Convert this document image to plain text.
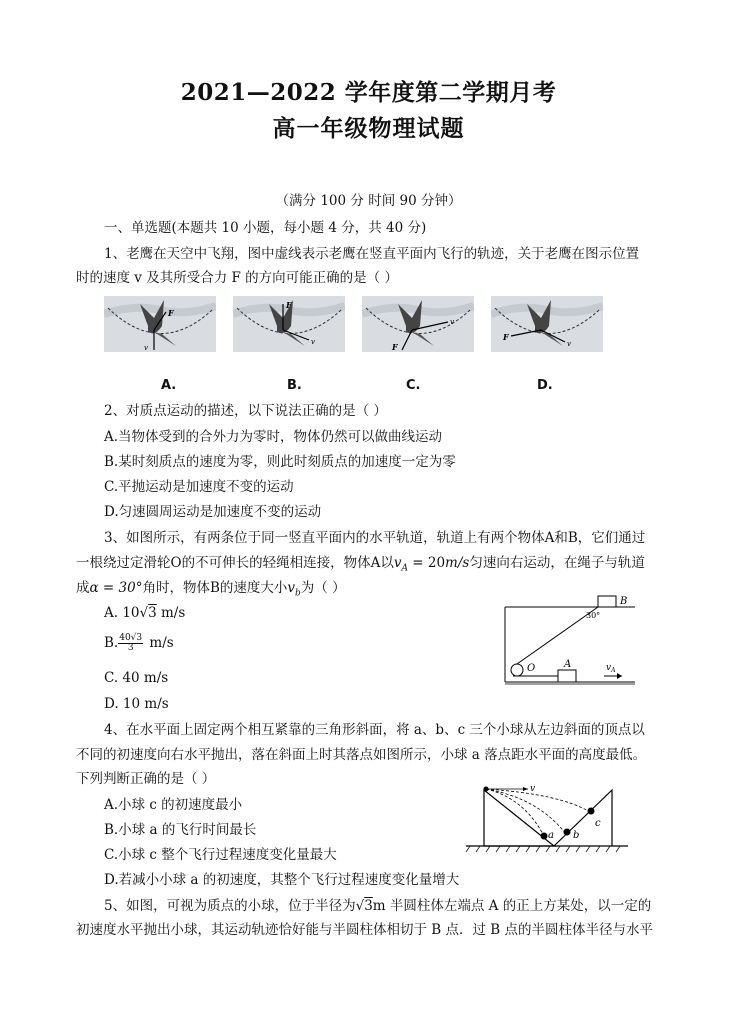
2021—2022 学年度第二学期月考
高一年级物理试题
（满分 100 分 时间 90 分钟）
一、单选题(本题共 10 小题，每小题 4 分，共 40 分)
1、老鹰在天空中飞翔，图中虚线表示老鹰在竖直平面内飞行的轨迹，关于老鹰在图示位置
时的速度 v 及其所受合力 F 的方向可能正确的是（ ）
F
v
F
v
v
F
F
v
A.	B.	C.	D.
2、对质点运动的描述，以下说法正确的是（ ）
A.当物体受到的合外力为零时，物体仍然可以做曲线运动
B.某时刻质点的速度为零，则此时刻质点的加速度一定为零
C.平抛运动是加速度不变的运动
D.匀速圆周运动是加速度不变的运动
3、如图所示，有两条位于同一竖直平面内的水平轨道，轨道上有两个物体A和B，它们通过
一根绕过定滑轮O的不可伸长的轻绳相连接，物体A以$v_A = 20m/s$匀速向右运动，在绳子与轨道
成α = 30°角时，物体B的速度大小$v_b$为（ ）
A. 10√3 m/s
B. $\frac{40√3}{3} m/s$
C. 40 m/s
D. 10 m/s
B
O
30°
A	$v_A$
4、在水平面上固定两个相互紧靠的三角形斜面，将 a、b、c 三个小球从左边斜面的顶点以
不同的初速度向右水平抛出，落在斜面上时其落点如图所示，小球 a 落点距水平面的高度最低。
下列判断正确的是（ ）
A.小球 c 的初速度最小
B.小球 a 的飞行时间最长
C.小球 c 整个飞行过程速度变化量最大
D.若减小小球 a 的初速度，其整个飞行过程速度变化量增大
v
a b
c
5、如图，可视为质点的小球，位于半径为√3m 半圆柱体左端点 A 的正上方某处，以一定的
初速度水平抛出小球，其运动轨迹恰好能与半圆柱体相切于 B 点．过 B 点的半圆柱体半径与水平
